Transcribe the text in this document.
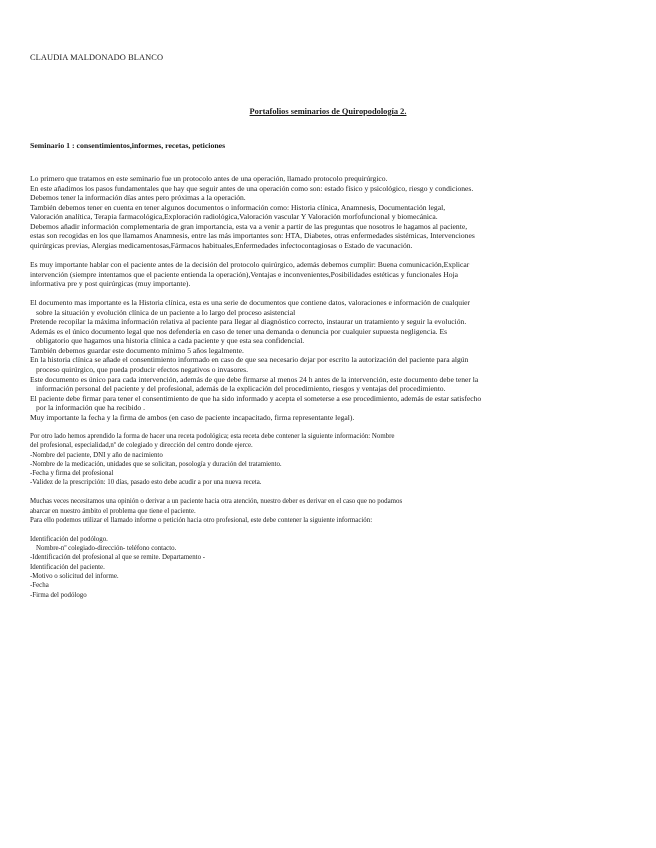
CLAUDIA MALDONADO BLANCO
Portafolios seminarios de Quiropodología 2.
Seminario 1 : consentimientos,informes, recetas, peticiones

Lo primero que tratamos en este seminario fue un protocolo antes de una operación, llamado protocolo prequirúrgico.

En este añadimos los pasos fundamentales que hay que seguir antes de una operación como son: estado físico y psicológico, riesgo y condiciones.

Debemos tener la información días antes pero próximas a la operación.

También debemos tener en cuenta en tener algunos documentos o información como: Historia clínica, Anamnesis, Documentación legal,

Valoración analítica, Terapia farmacológica,Exploración radiológica,Valoración vascular Y Valoración morfofuncional y biomecánica.

Debemos añadir información complementaria de gran importancia, esta va a venir a partir de las preguntas que nosotros le hagamos al paciente,

estas son recogidas en los que llamamos Anamnesis, entre las más importantes son: HTA, Diabetes, otras enfermedades sistémicas, Intervenciones

quirúrgicas previas, Alergias medicamentosas,Fármacos habituales,Enfermedades infectocontagiosas o Estado de vacunación.

Es muy importante hablar con el paciente antes de la decisión del protocolo quirúrgico, además debemos cumplir: Buena comunicación,Explicar

intervención (siempre intentamos que el paciente entienda la operación),Ventajas e inconvenientes,Posibilidades estéticas y funcionales Hoja

informativa pre y post quirúrgicas (muy importante).

El documento mas importante es la Historia clínica, esta es una serie de documentos que contiene datos, valoraciones e información de cualquier

sobre la situación y evolución clínica de un paciente a lo largo del proceso asistencial

Pretende recopilar la máxima información relativa al paciente para llegar al diagnóstico correcto, instaurar un tratamiento y seguir la evolución.

Además es el único documento legal que nos defendería en caso de tener una demanda o denuncia por cualquier supuesta negligencia. Es

obligatorio que hagamos una historia clínica a cada paciente y que esta sea confidencial.

También debemos guardar este documento mínimo 5 años legalmente.

En la historia clínica se añade el consentimiento informado en caso de que sea necesario dejar por escrito la autorización del paciente para algún

proceso quirúrgico, que pueda producir efectos negativos o invasores.

Este documento es único para cada intervención, además de que debe firmarse al menos 24 h antes de la intervención, este documento debe tener la

información personal del paciente y del profesional, además de la explicación del procedimiento, riesgos y ventajas del procedimiento.

El paciente debe firmar para tener el consentimiento de que ha sido informado y acepta el someterse a ese procedimiento, además de estar satisfecho

por la información que ha recibido .

Muy importante la fecha y la firma de ambos (en caso de paciente incapacitado, firma representante legal).

Por otro lado hemos aprendido la forma de hacer una receta podológica; esta receta debe contener la siguiente información: Nombre

del profesional, especialidad,nº de colegiado y dirección del centro donde ejerce.

-Nombre del paciente, DNI y año de nacimiento

-Nombre de la medicación, unidades que se solicitan, posología y duración del tratamiento.

-Fecha y firma del profesional

-Validez de la prescripción: 10 días, pasado esto debe acudir a por una nueva receta.

Muchas veces necesitamos una opinión o derivar a un paciente hacia otra atención, nuestro deber es derivar en el caso que no podamos

abarcar en nuestro ámbito el problema que tiene el paciente.

Para ello podemos utilizar el llamado informe o petición hacia otro profesional, este debe contener la siguiente información:

Identificación del podólogo.

Nombre-nº colegiado-dirección- teléfono contacto.

-Identificación del profesional al que se remite. Departamento -

Identificación del paciente.

-Motivo o solicitud del informe.

-Fecha

-Firma del podólogo
